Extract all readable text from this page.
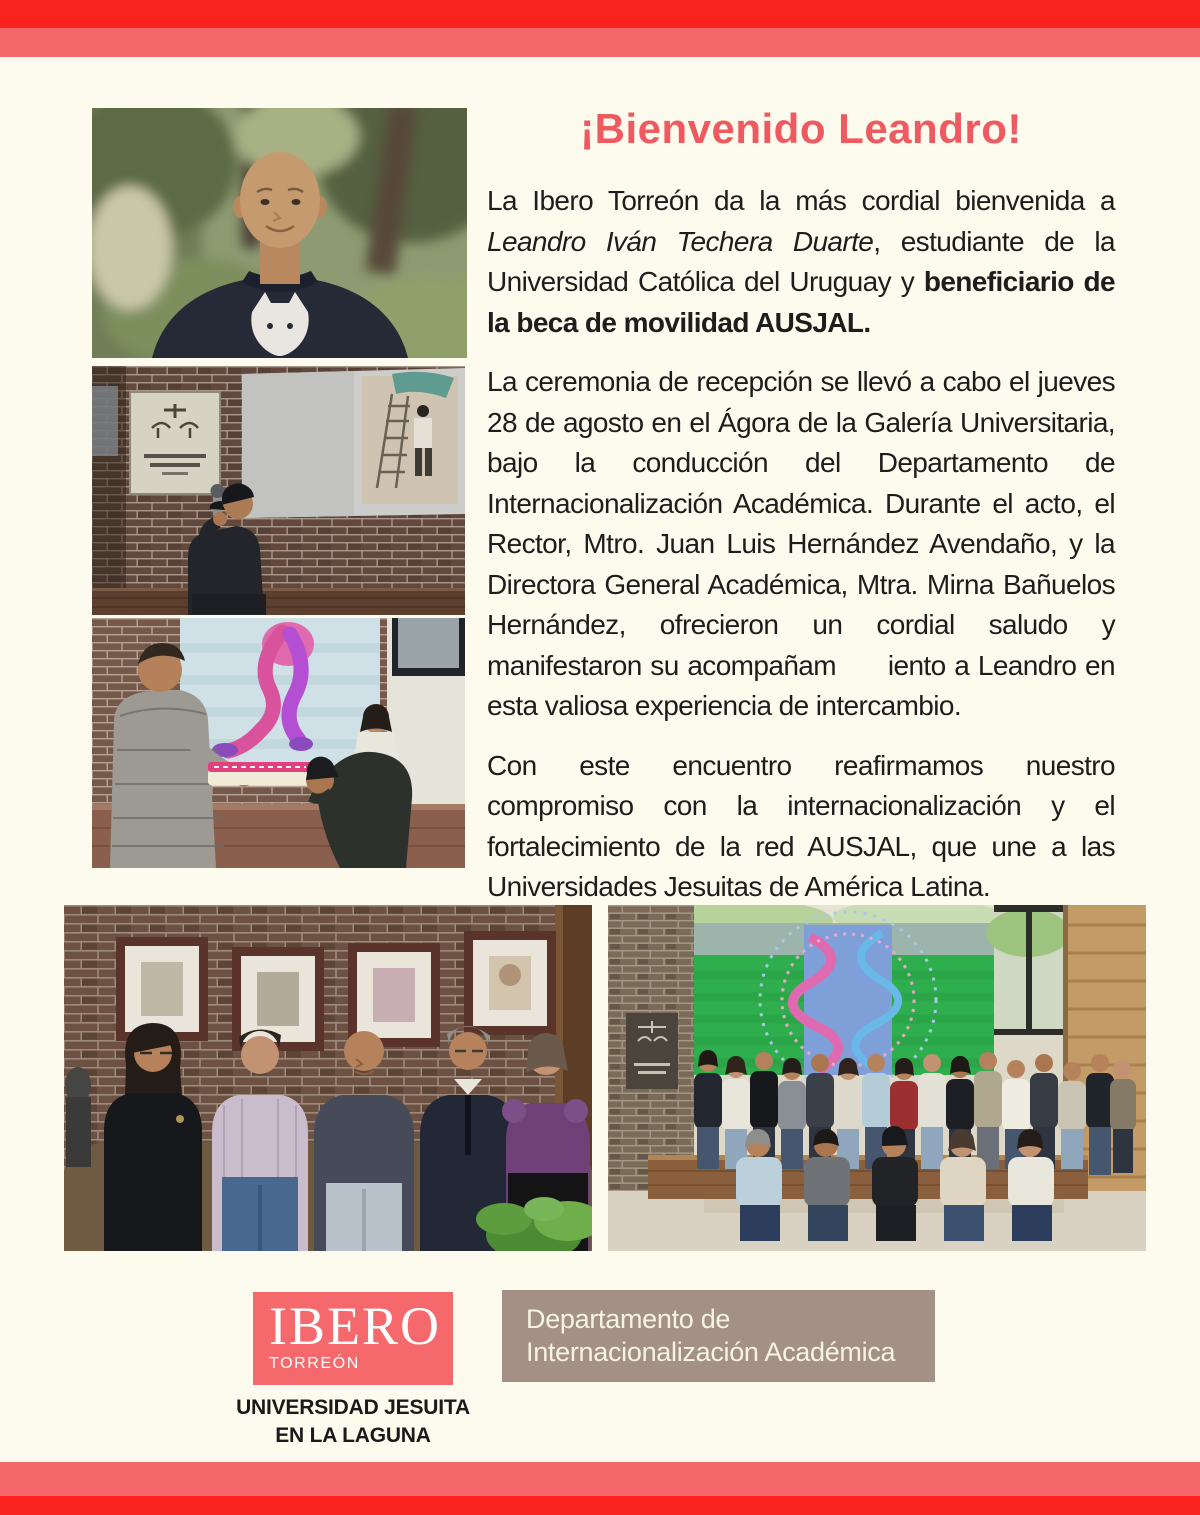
¡Bienvenido Leandro!

La Ibero Torreón da la más cordial bienvenida a Leandro Iván Techera Duarte, estudiante de la Universidad Católica del Uruguay y beneficiario de la beca de movilidad AUSJAL.

La ceremonia de recepción se llevó a cabo el jueves 28 de agosto en el Ágora de la Galería Universitaria, bajo la conducción del Departamento de Internacionalización Académica. Durante el acto, el Rector, Mtro. Juan Luis Hernández Avendaño, y la Directora General Académica, Mtra. Mirna Bañuelos Hernández, ofrecieron un cordial saludo y manifestaron su acompañam      iento a Leandro en esta valiosa experiencia de intercambio.

Con este encuentro reafirmamos nuestro compromiso con la internacionalización y el fortalecimiento de la red AUSJAL, que une a las Universidades Jesuitas de América Latina.

IBERO
TORREÓN
UNIVERSIDAD JESUITA
EN LA LAGUNA
Departamento de
Internacionalización Académica
